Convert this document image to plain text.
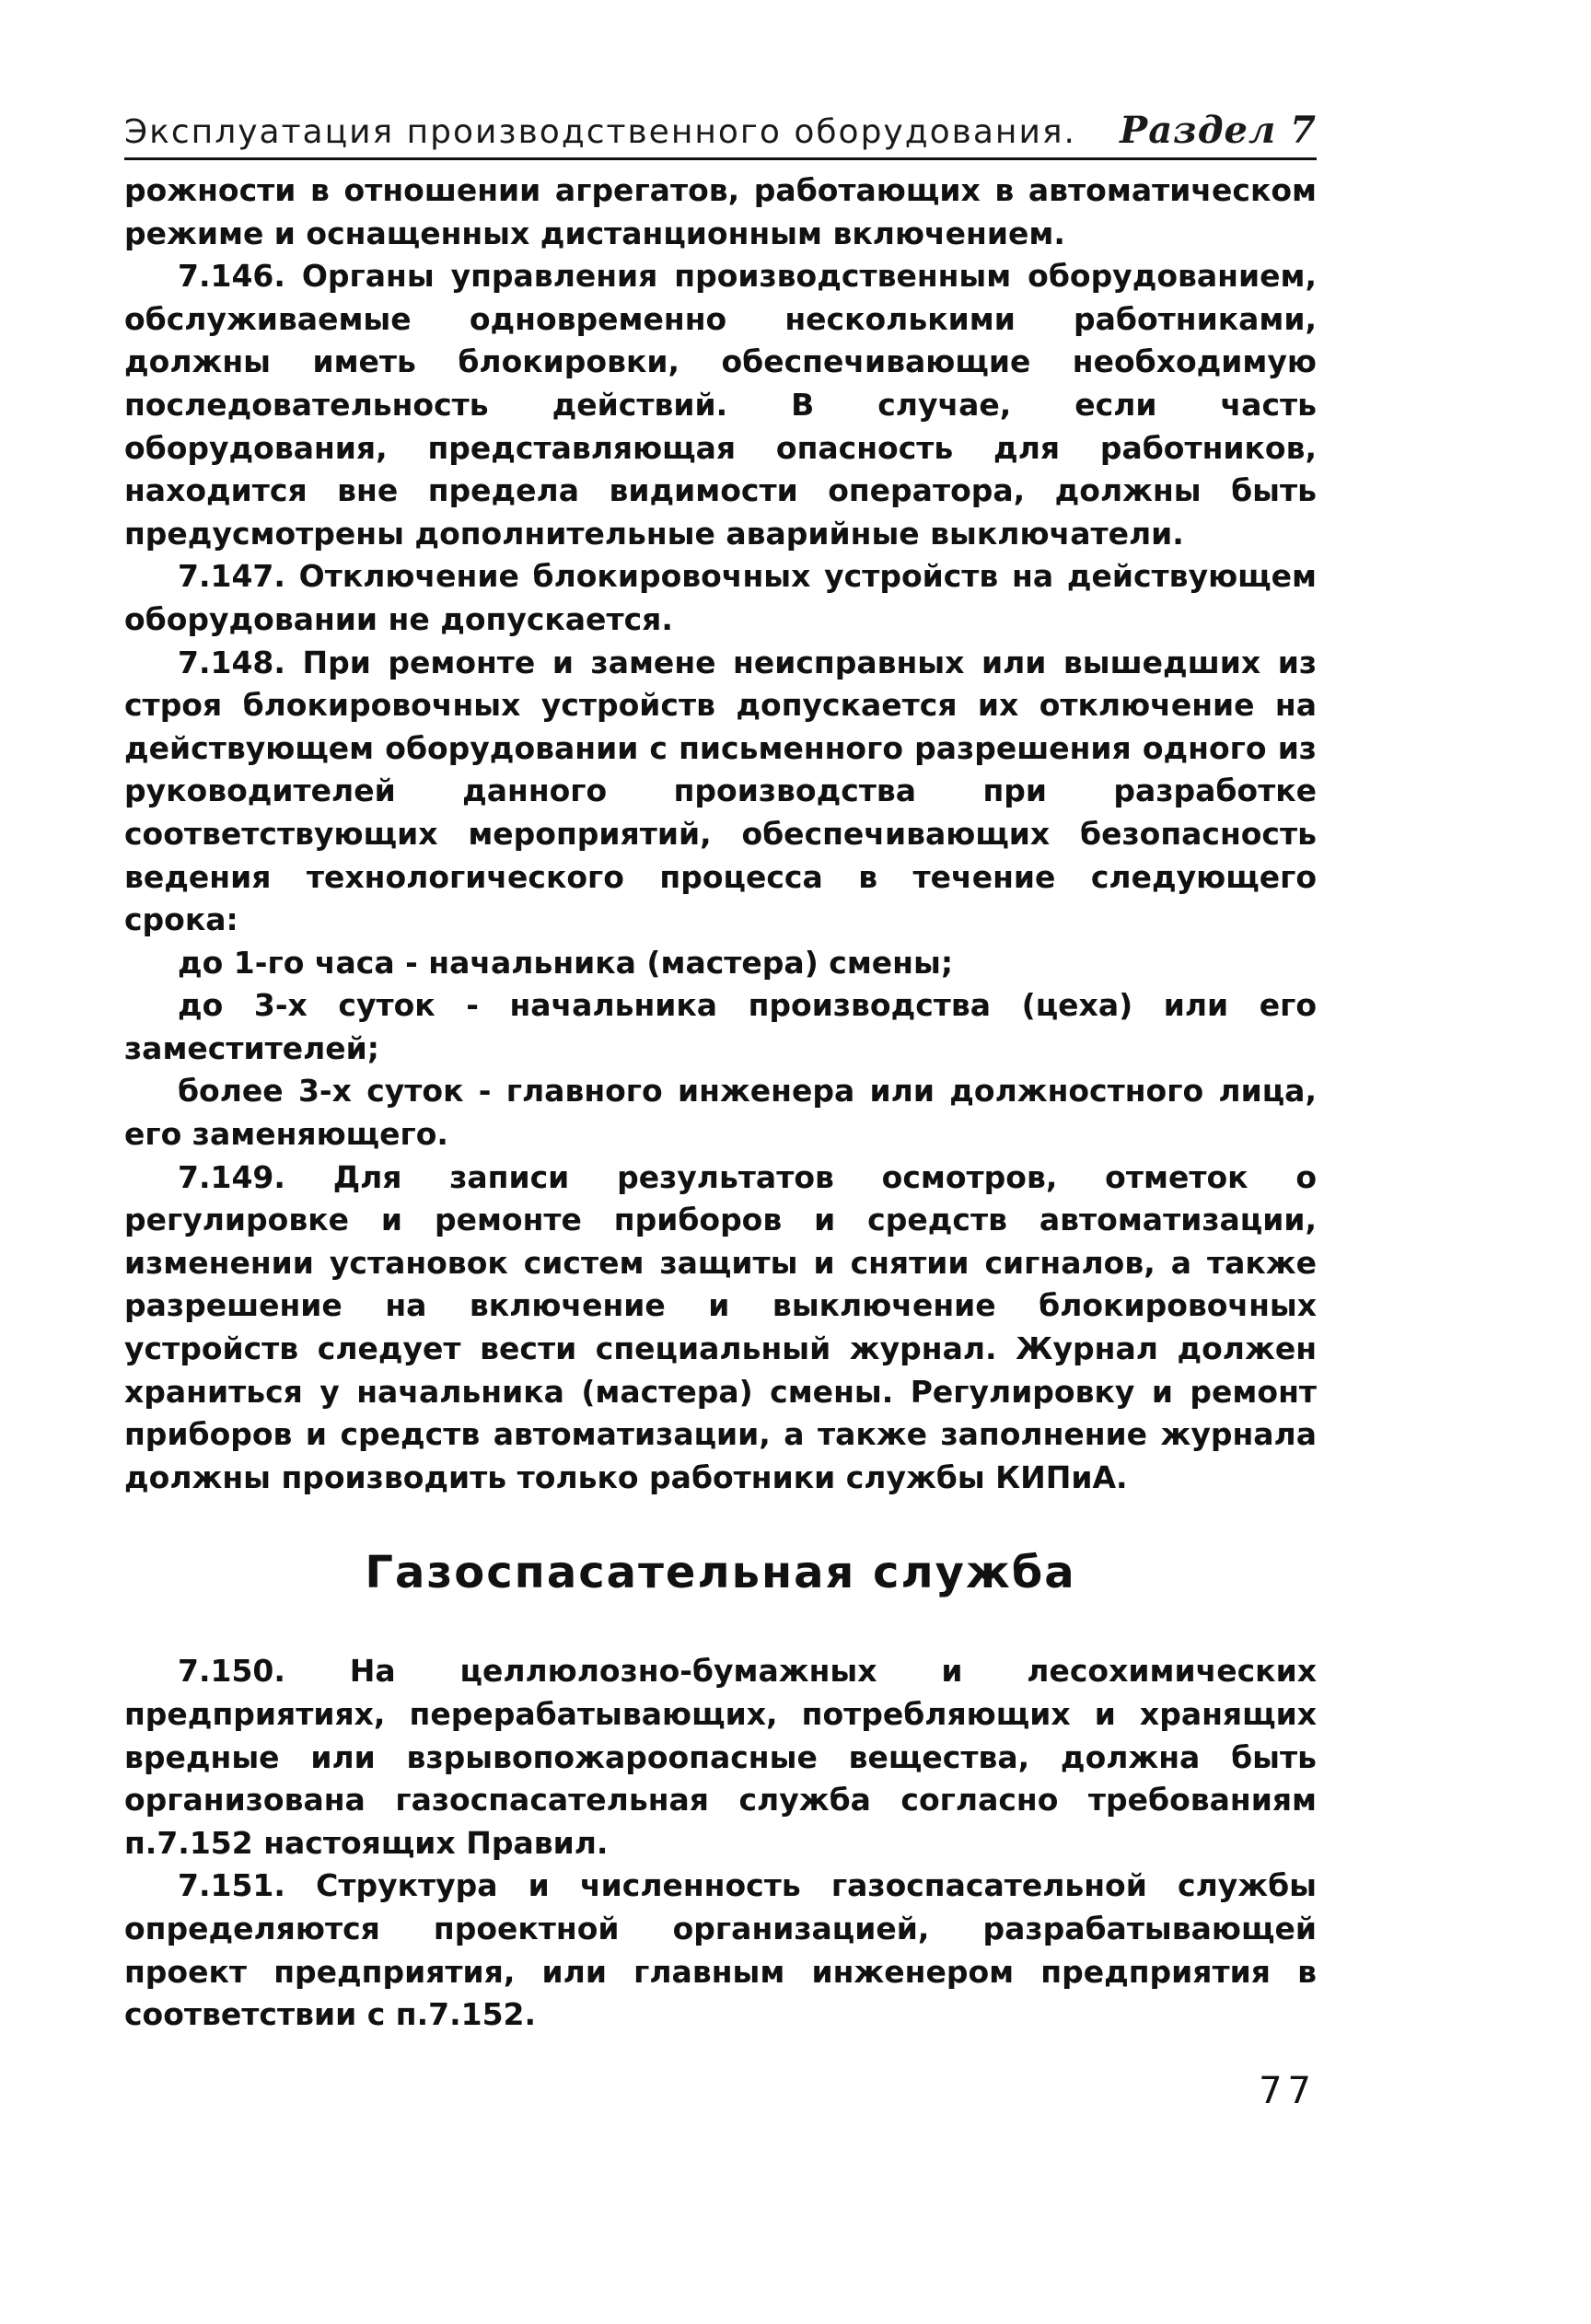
Эксплуатация производственного оборудования. Раздел 7

рожности в отношении агрегатов, работающих в автоматическом режиме и оснащенных дистанционным включением.

7.146. Органы управления производственным оборудованием, обслуживаемые одновременно несколькими работниками, должны иметь блокировки, обеспечивающие необходимую последовательность действий. В случае, если часть оборудования, представляющая опасность для работников, находится вне предела видимости оператора, должны быть предусмотрены дополнительные аварийные выключатели.

7.147. Отключение блокировочных устройств на действующем оборудовании не допускается.

7.148. При ремонте и замене неисправных или вышедших из строя блокировочных устройств допускается их отключение на действующем оборудовании с письменного разрешения одного из руководителей данного производства при разработке соответствующих мероприятий, обеспечивающих безопасность ведения технологического процесса в течение следующего срока:

до 1-го часа - начальника (мастера) смены;

до 3-х суток - начальника производства (цеха) или его заместителей;

более 3-х суток - главного инженера или должностного лица, его заменяющего.

7.149. Для записи результатов осмотров, отметок о регулировке и ремонте приборов и средств автоматизации, изменении установок систем защиты и снятии сигналов, а также разрешение на включение и выключение блокировочных устройств следует вести специальный журнал. Журнал должен храниться у начальника (мастера) смены. Регулировку и ремонт приборов и средств автоматизации, а также заполнение журнала должны производить только работники службы КИПиА.

Газоспасательная служба

7.150. На целлюлозно-бумажных и лесохимических предприятиях, перерабатывающих, потребляющих и хранящих вредные или взрывопожароопасные вещества, должна быть организована газоспасательная служба согласно требованиям п.7.152 настоящих Правил.

7.151. Структура и численность газоспасательной службы определяются проектной организацией, разрабатывающей проект предприятия, или главным инженером предприятия в соответствии с п.7.152.

77
